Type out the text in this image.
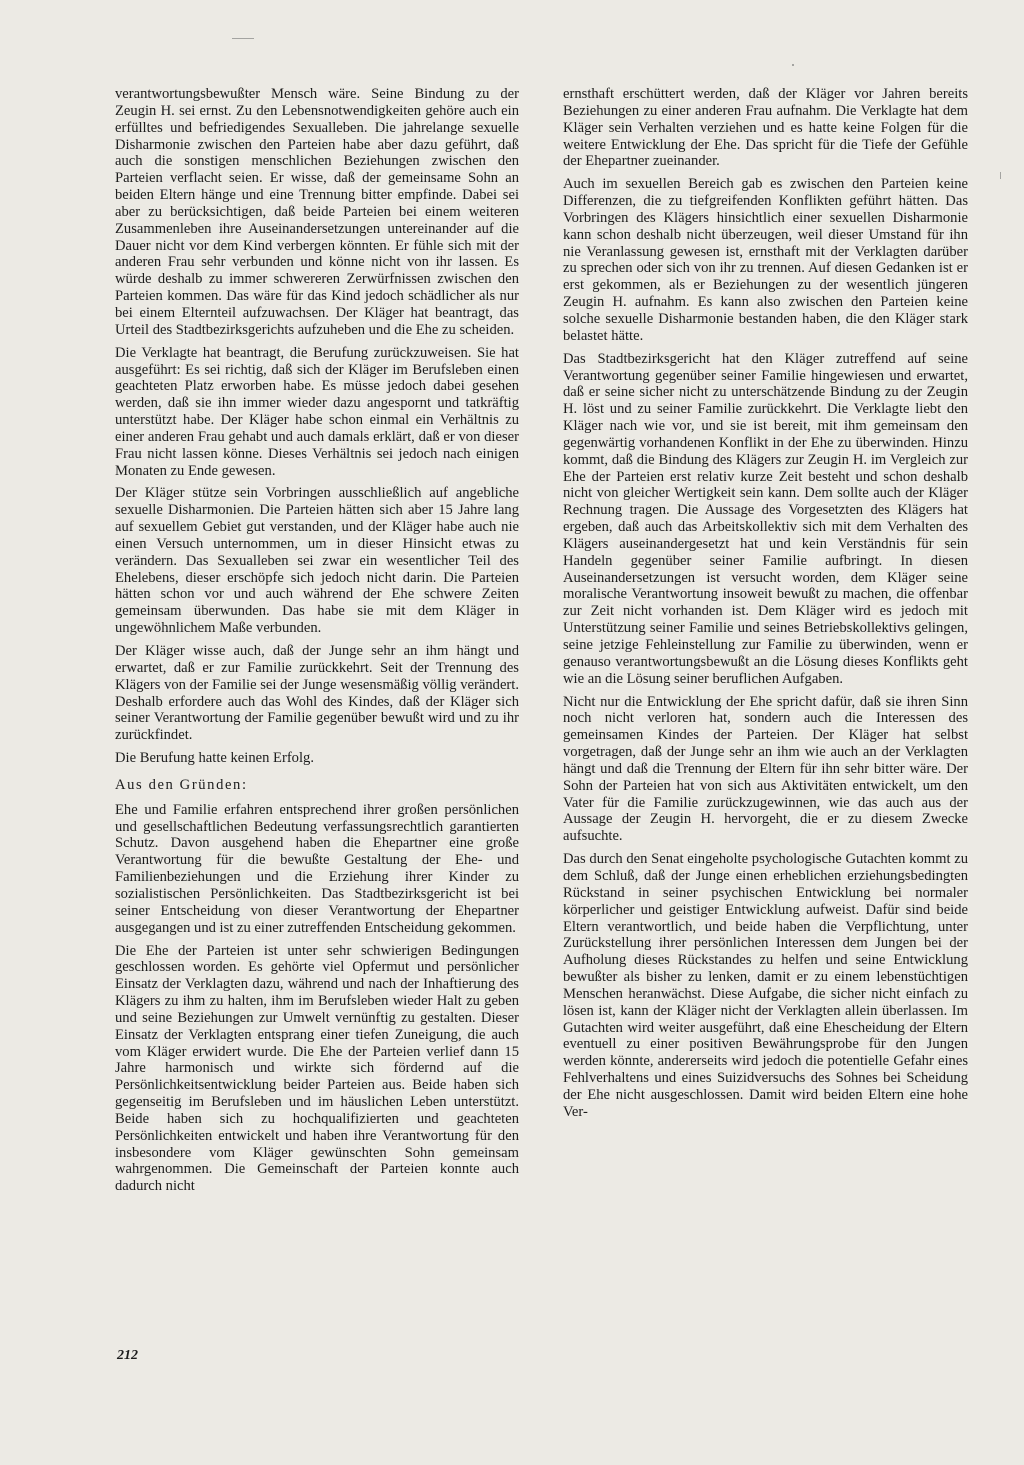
verantwortungsbewußter Mensch wäre. Seine Bindung zu der Zeugin H. sei ernst. Zu den Lebensnotwendigkeiten gehöre auch ein erfülltes und befriedigendes Sexualleben. Die jahrelange sexuelle Disharmonie zwischen den Parteien habe aber dazu geführt, daß auch die sonstigen menschlichen Beziehungen zwischen den Parteien verflacht seien. Er wisse, daß der gemeinsame Sohn an beiden Eltern hänge und eine Trennung bitter empfinde. Dabei sei aber zu berücksichtigen, daß beide Parteien bei einem weiteren Zusammenleben ihre Auseinandersetzungen untereinander auf die Dauer nicht vor dem Kind verbergen könnten. Er fühle sich mit der anderen Frau sehr verbunden und könne nicht von ihr lassen. Es würde deshalb zu immer schwereren Zerwürfnissen zwischen den Parteien kommen. Das wäre für das Kind jedoch schädlicher als nur bei einem Elternteil aufzuwachsen. Der Kläger hat beantragt, das Urteil des Stadtbezirksgerichts aufzuheben und die Ehe zu scheiden.

Die Verklagte hat beantragt, die Berufung zurückzuweisen. Sie hat ausgeführt: Es sei richtig, daß sich der Kläger im Berufsleben einen geachteten Platz erworben habe. Es müsse jedoch dabei gesehen werden, daß sie ihn immer wieder dazu angespornt und tatkräftig unterstützt habe. Der Kläger habe schon einmal ein Verhältnis zu einer anderen Frau gehabt und auch damals erklärt, daß er von dieser Frau nicht lassen könne. Dieses Verhältnis sei jedoch nach einigen Monaten zu Ende gewesen.

Der Kläger stütze sein Vorbringen ausschließlich auf angebliche sexuelle Disharmonien. Die Parteien hätten sich aber 15 Jahre lang auf sexuellem Gebiet gut verstanden, und der Kläger habe auch nie einen Versuch unternommen, um in dieser Hinsicht etwas zu verändern. Das Sexualleben sei zwar ein wesentlicher Teil des Ehelebens, dieser erschöpfe sich jedoch nicht darin. Die Parteien hätten schon vor und auch während der Ehe schwere Zeiten gemeinsam überwunden. Das habe sie mit dem Kläger in ungewöhnlichem Maße verbunden.

Der Kläger wisse auch, daß der Junge sehr an ihm hängt und erwartet, daß er zur Familie zurückkehrt. Seit der Trennung des Klägers von der Familie sei der Junge wesensmäßig völlig verändert. Deshalb erfordere auch das Wohl des Kindes, daß der Kläger sich seiner Verantwortung der Familie gegenüber bewußt wird und zu ihr zurückfindet.

Die Berufung hatte keinen Erfolg.

Aus den Gründen:

Ehe und Familie erfahren entsprechend ihrer großen persönlichen und gesellschaftlichen Bedeutung verfassungsrechtlich garantierten Schutz. Davon ausgehend haben die Ehepartner eine große Verantwortung für die bewußte Gestaltung der Ehe- und Familienbeziehungen und die Erziehung ihrer Kinder zu sozialistischen Persönlichkeiten. Das Stadtbezirksgericht ist bei seiner Entscheidung von dieser Verantwortung der Ehepartner ausgegangen und ist zu einer zutreffenden Entscheidung gekommen.

Die Ehe der Parteien ist unter sehr schwierigen Bedingungen geschlossen worden. Es gehörte viel Opfermut und persönlicher Einsatz der Verklagten dazu, während und nach der Inhaftierung des Klägers zu ihm zu halten, ihm im Berufsleben wieder Halt zu geben und seine Beziehungen zur Umwelt vernünftig zu gestalten. Dieser Einsatz der Verklagten entsprang einer tiefen Zuneigung, die auch vom Kläger erwidert wurde. Die Ehe der Parteien verlief dann 15 Jahre harmonisch und wirkte sich fördernd auf die Persönlichkeitsentwicklung beider Parteien aus. Beide haben sich gegenseitig im Berufsleben und im häuslichen Leben unterstützt. Beide haben sich zu hochqualifizierten und geachteten Persönlichkeiten entwickelt und haben ihre Verantwortung für den insbesondere vom Kläger gewünschten Sohn gemeinsam wahrgenommen. Die Gemeinschaft der Parteien konnte auch dadurch nicht

ernsthaft erschüttert werden, daß der Kläger vor Jahren bereits Beziehungen zu einer anderen Frau aufnahm. Die Verklagte hat dem Kläger sein Verhalten verziehen und es hatte keine Folgen für die weitere Entwicklung der Ehe. Das spricht für die Tiefe der Gefühle der Ehepartner zueinander.

Auch im sexuellen Bereich gab es zwischen den Parteien keine Differenzen, die zu tiefgreifenden Konflikten geführt hätten. Das Vorbringen des Klägers hinsichtlich einer sexuellen Disharmonie kann schon deshalb nicht überzeugen, weil dieser Umstand für ihn nie Veranlassung gewesen ist, ernsthaft mit der Verklagten darüber zu sprechen oder sich von ihr zu trennen. Auf diesen Gedanken ist er erst gekommen, als er Beziehungen zu der wesentlich jüngeren Zeugin H. aufnahm. Es kann also zwischen den Parteien keine solche sexuelle Disharmonie bestanden haben, die den Kläger stark belastet hätte.

Das Stadtbezirksgericht hat den Kläger zutreffend auf seine Verantwortung gegenüber seiner Familie hingewiesen und erwartet, daß er seine sicher nicht zu unterschätzende Bindung zu der Zeugin H. löst und zu seiner Familie zurückkehrt. Die Verklagte liebt den Kläger nach wie vor, und sie ist bereit, mit ihm gemeinsam den gegenwärtig vorhandenen Konflikt in der Ehe zu überwinden. Hinzu kommt, daß die Bindung des Klägers zur Zeugin H. im Vergleich zur Ehe der Parteien erst relativ kurze Zeit besteht und schon deshalb nicht von gleicher Wertigkeit sein kann. Dem sollte auch der Kläger Rechnung tragen. Die Aussage des Vorgesetzten des Klägers hat ergeben, daß auch das Arbeitskollektiv sich mit dem Verhalten des Klägers auseinandergesetzt hat und kein Verständnis für sein Handeln gegenüber seiner Familie aufbringt. In diesen Auseinandersetzungen ist versucht worden, dem Kläger seine moralische Verantwortung insoweit bewußt zu machen, die offenbar zur Zeit nicht vorhanden ist. Dem Kläger wird es jedoch mit Unterstützung seiner Familie und seines Betriebskollektivs gelingen, seine jetzige Fehleinstellung zur Familie zu überwinden, wenn er genauso verantwortungsbewußt an die Lösung dieses Konflikts geht wie an die Lösung seiner beruflichen Aufgaben.

Nicht nur die Entwicklung der Ehe spricht dafür, daß sie ihren Sinn noch nicht verloren hat, sondern auch die Interessen des gemeinsamen Kindes der Parteien. Der Kläger hat selbst vorgetragen, daß der Junge sehr an ihm wie auch an der Verklagten hängt und daß die Trennung der Eltern für ihn sehr bitter wäre. Der Sohn der Parteien hat von sich aus Aktivitäten entwickelt, um den Vater für die Familie zurückzugewinnen, wie das auch aus der Aussage der Zeugin H. hervorgeht, die er zu diesem Zwecke aufsuchte.

Das durch den Senat eingeholte psychologische Gutachten kommt zu dem Schluß, daß der Junge einen erheblichen erziehungsbedingten Rückstand in seiner psychischen Entwicklung bei normaler körperlicher und geistiger Entwicklung aufweist. Dafür sind beide Eltern verantwortlich, und beide haben die Verpflichtung, unter Zurückstellung ihrer persönlichen Interessen dem Jungen bei der Aufholung dieses Rückstandes zu helfen und seine Entwicklung bewußter als bisher zu lenken, damit er zu einem lebenstüchtigen Menschen heranwächst. Diese Aufgabe, die sicher nicht einfach zu lösen ist, kann der Kläger nicht der Verklagten allein überlassen. Im Gutachten wird weiter ausgeführt, daß eine Ehescheidung der Eltern eventuell zu einer positiven Bewährungsprobe für den Jungen werden könnte, andererseits wird jedoch die potentielle Gefahr eines Fehlverhaltens und eines Suizidversuchs des Sohnes bei Scheidung der Ehe nicht ausgeschlossen. Damit wird beiden Eltern eine hohe Ver-

212
